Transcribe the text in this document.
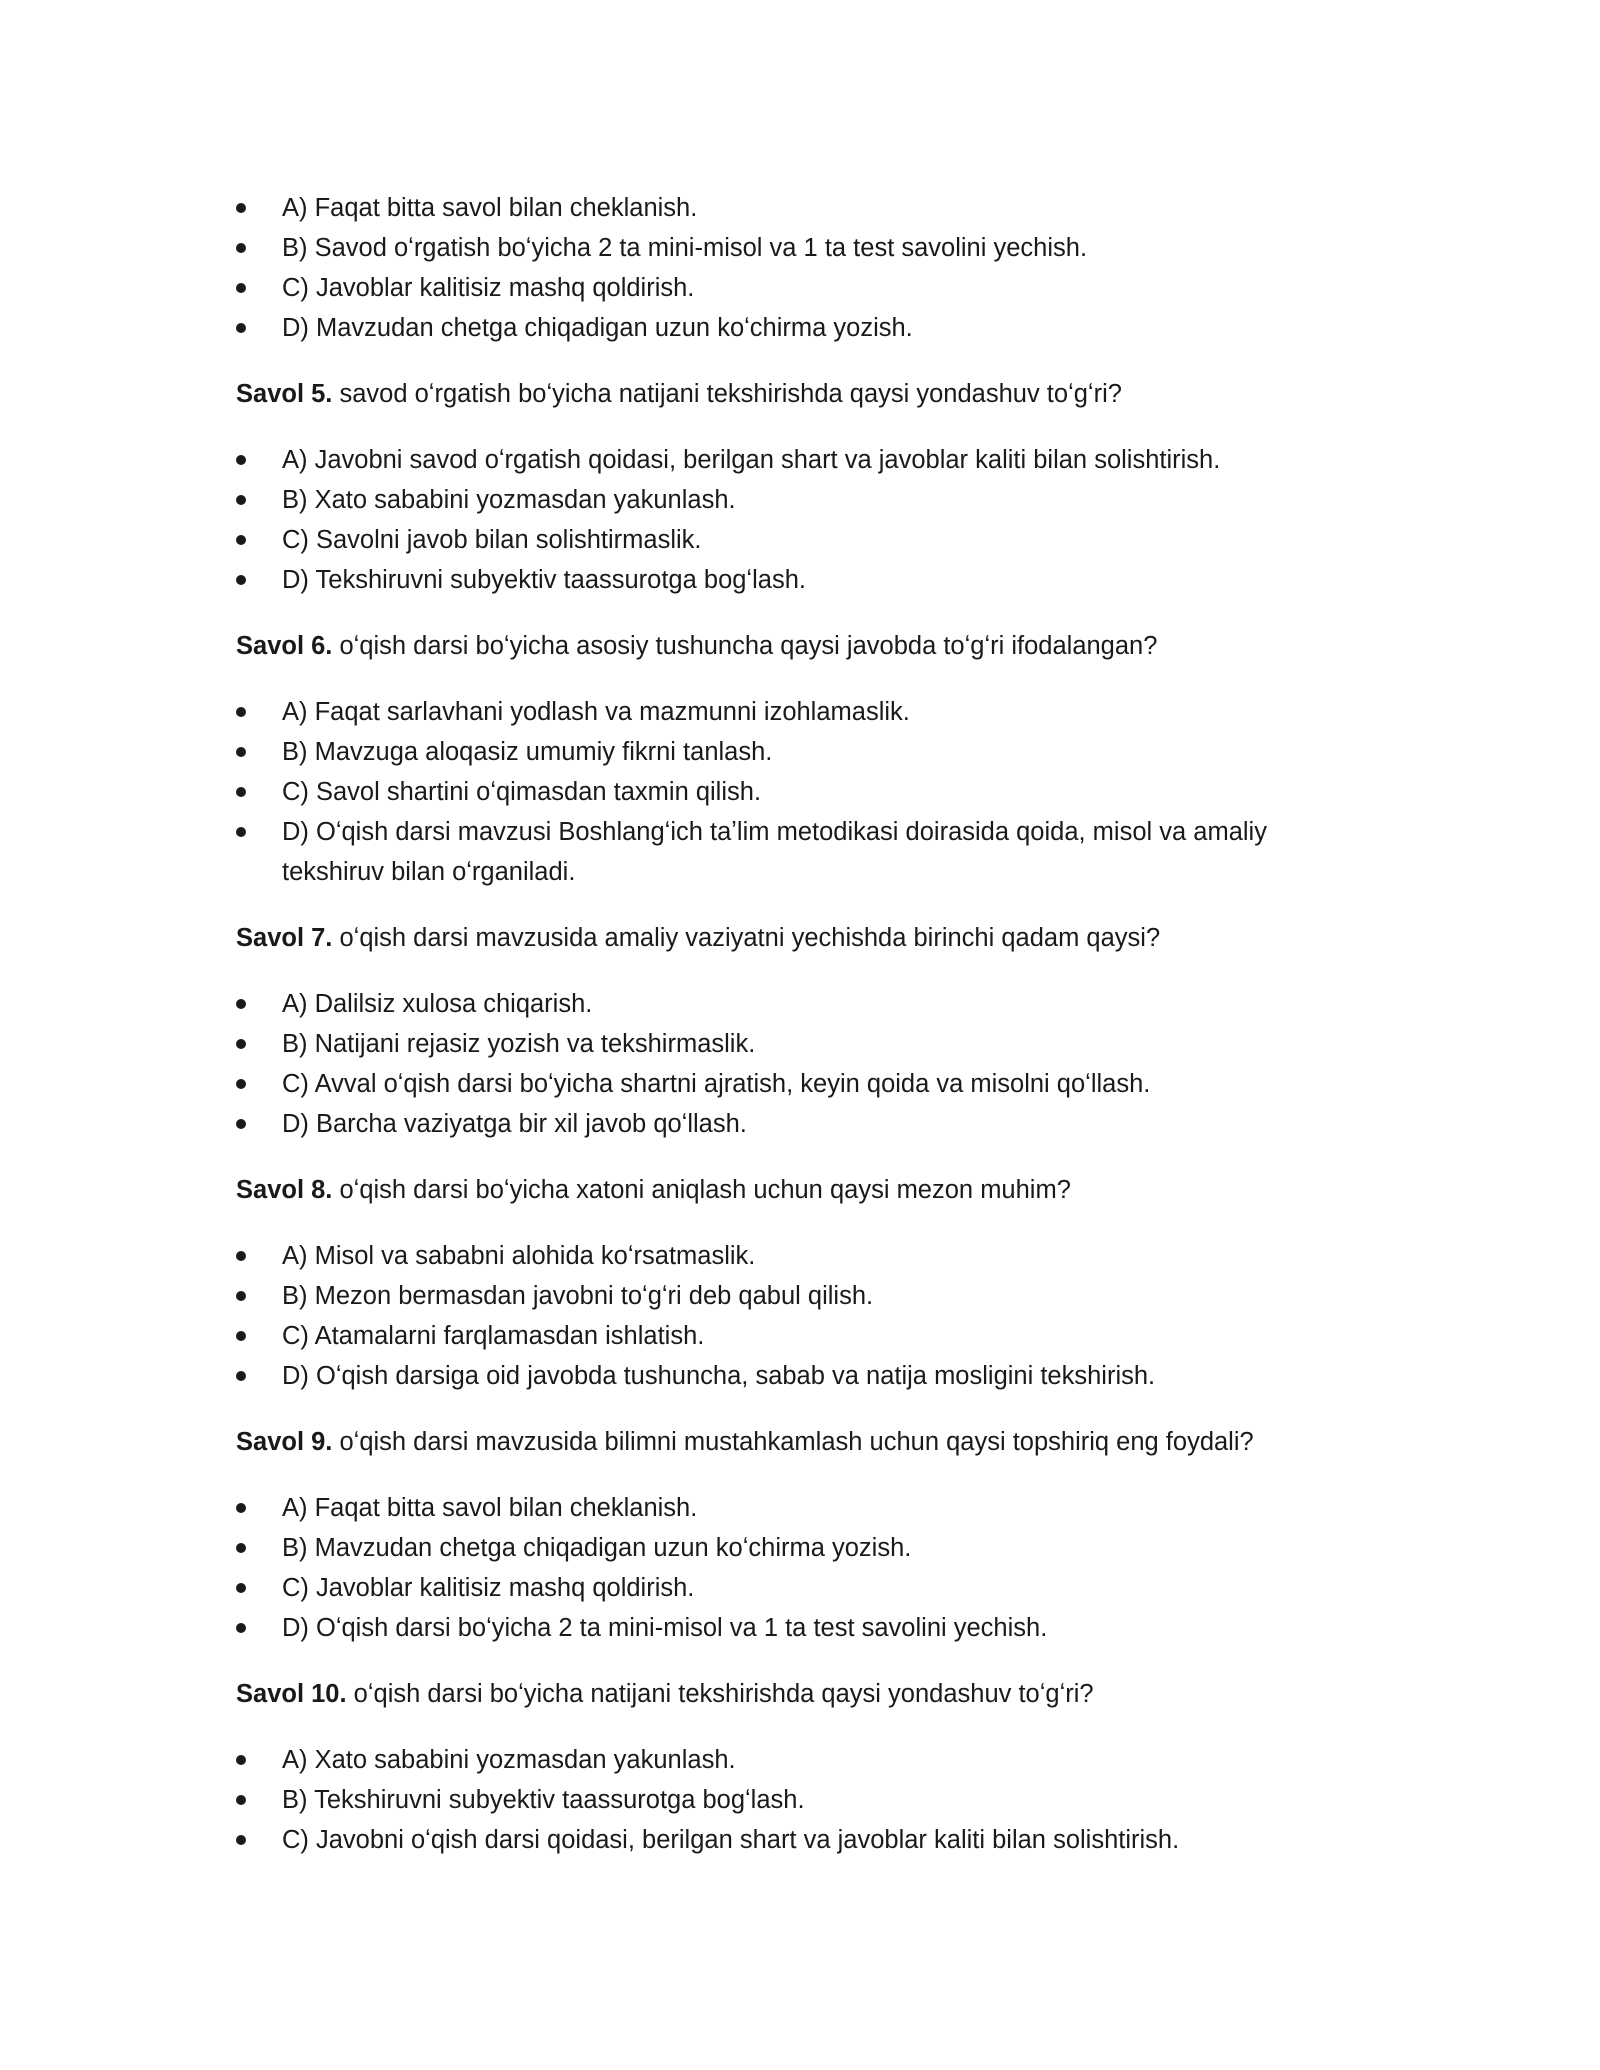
A) Faqat bitta savol bilan cheklanish.
B) Savod oʻrgatish boʻyicha 2 ta mini-misol va 1 ta test savolini yechish.
C) Javoblar kalitisiz mashq qoldirish.
D) Mavzudan chetga chiqadigan uzun koʻchirma yozish.

Savol 5. savod oʻrgatish boʻyicha natijani tekshirishda qaysi yondashuv toʻgʻri?

A) Javobni savod oʻrgatish qoidasi, berilgan shart va javoblar kaliti bilan solishtirish.
B) Xato sababini yozmasdan yakunlash.
C) Savolni javob bilan solishtirmaslik.
D) Tekshiruvni subyektiv taassurotga bogʻlash.

Savol 6. oʻqish darsi boʻyicha asosiy tushuncha qaysi javobda toʻgʻri ifodalangan?

A) Faqat sarlavhani yodlash va mazmunni izohlamaslik.
B) Mavzuga aloqasiz umumiy fikrni tanlash.
C) Savol shartini oʻqimasdan taxmin qilish.
D) Oʻqish darsi mavzusi Boshlangʻich taʼlim metodikasi doirasida qoida, misol va amaliy tekshiruv bilan oʻrganiladi.

Savol 7. oʻqish darsi mavzusida amaliy vaziyatni yechishda birinchi qadam qaysi?

A) Dalilsiz xulosa chiqarish.
B) Natijani rejasiz yozish va tekshirmaslik.
C) Avval oʻqish darsi boʻyicha shartni ajratish, keyin qoida va misolni qoʻllash.
D) Barcha vaziyatga bir xil javob qoʻllash.

Savol 8. oʻqish darsi boʻyicha xatoni aniqlash uchun qaysi mezon muhim?

A) Misol va sababni alohida koʻrsatmaslik.
B) Mezon bermasdan javobni toʻgʻri deb qabul qilish.
C) Atamalarni farqlamasdan ishlatish.
D) Oʻqish darsiga oid javobda tushuncha, sabab va natija mosligini tekshirish.

Savol 9. oʻqish darsi mavzusida bilimni mustahkamlash uchun qaysi topshiriq eng foydali?

A) Faqat bitta savol bilan cheklanish.
B) Mavzudan chetga chiqadigan uzun koʻchirma yozish.
C) Javoblar kalitisiz mashq qoldirish.
D) Oʻqish darsi boʻyicha 2 ta mini-misol va 1 ta test savolini yechish.

Savol 10. oʻqish darsi boʻyicha natijani tekshirishda qaysi yondashuv toʻgʻri?

A) Xato sababini yozmasdan yakunlash.
B) Tekshiruvni subyektiv taassurotga bogʻlash.
C) Javobni oʻqish darsi qoidasi, berilgan shart va javoblar kaliti bilan solishtirish.
